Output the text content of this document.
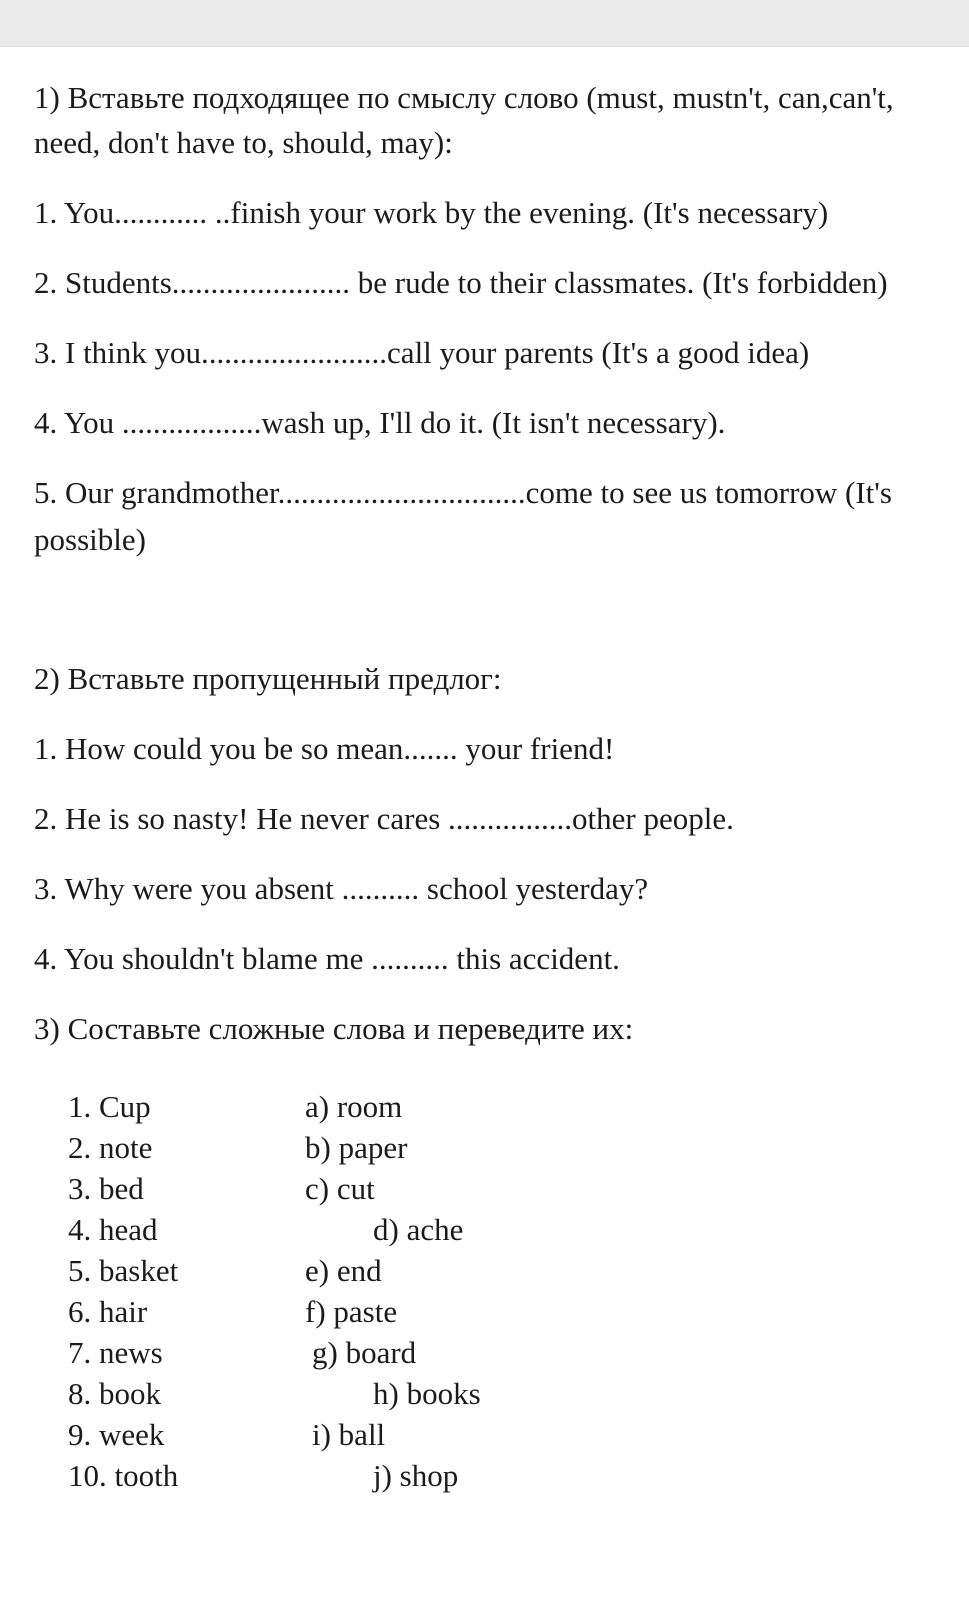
1) Вставьте подходящее по смыслу слово (must, mustn't, can,can't,
need, don't have to, should, may):
1. You............ ..finish your work by the evening. (It's necessary)
2. Students....................... be rude to their classmates. (It's forbidden)
3. I think you........................call your parents (It's a good idea)
4. You ..................wash up, I'll do it. (It isn't necessary).
5. Our grandmother................................come to see us tomorrow (It's
possible)
2) Вставьте пропущенный предлог:
1. How could you be so mean....... your friend!
2. He is so nasty! He never cares ................other people.
3. Why were you absent .......... school yesterday?
4. You shouldn't blame me .......... this accident.
3) Составьте сложные слова и переведите их:
1. Cup
2. note
3. bed
4. head
5. basket
6. hair
7. news
8. book
9. week
10. tooth
a) room
b) paper
c) cut
d) ache
e) end
f) paste
g) board
h) books
i) ball
j) shop
